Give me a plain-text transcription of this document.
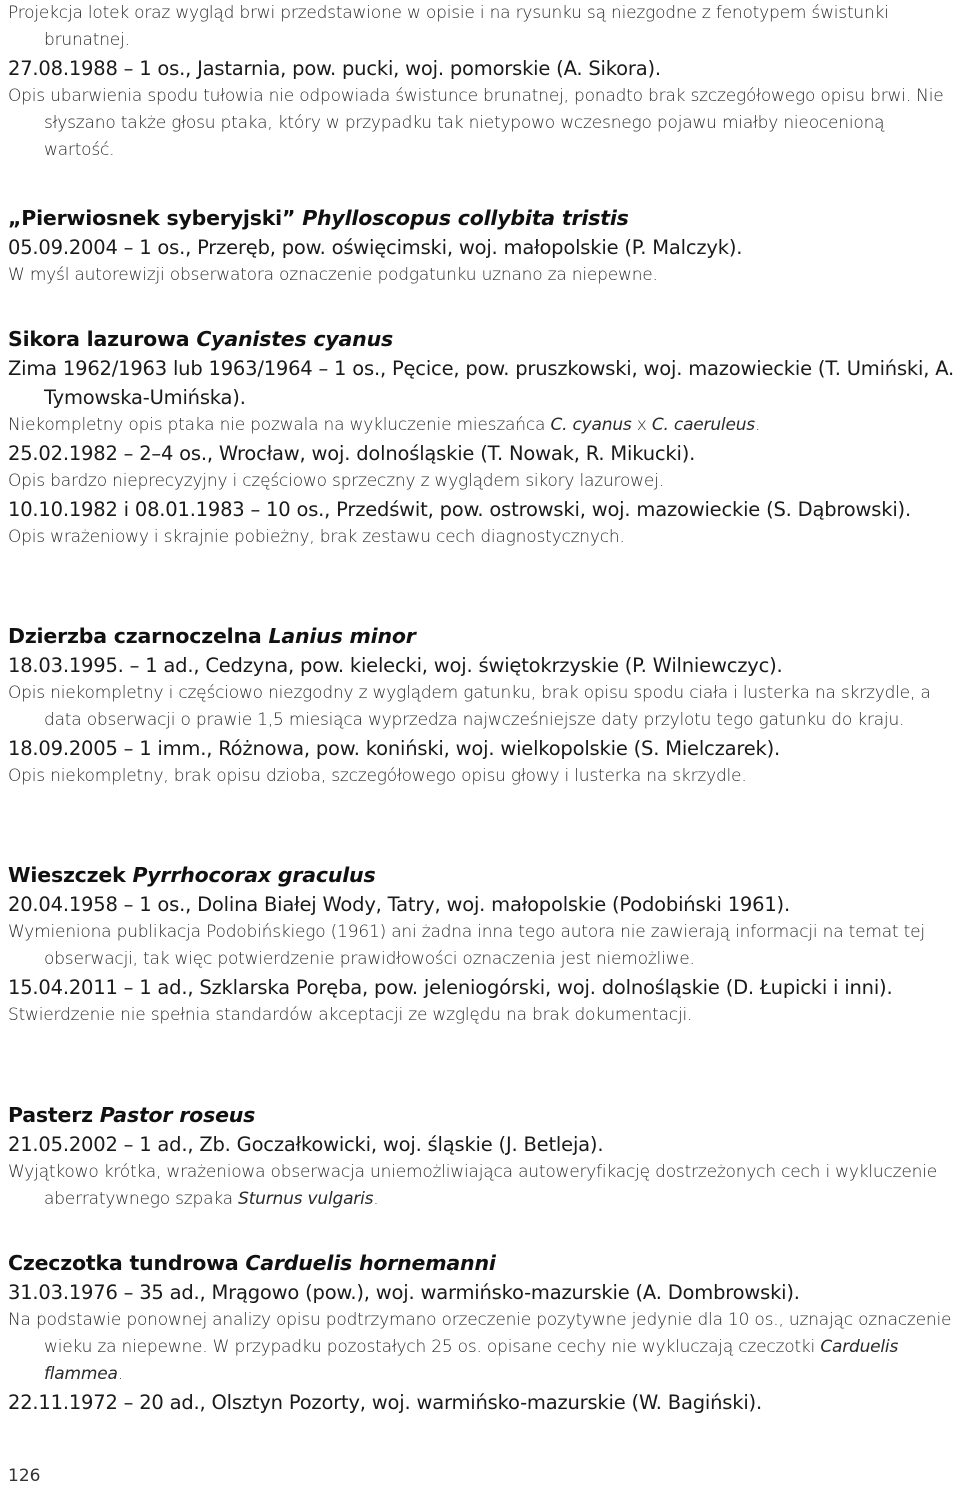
Projekcja lotek oraz wygląd brwi przedstawione w opisie i na rysunku są niezgodne z fenotypem świstunki brunatnej.

27.08.1988 – 1 os., Jastarnia, pow. pucki, woj. pomorskie (A. Sikora).

Opis ubarwienia spodu tułowia nie odpowiada świstunce brunatnej, ponadto brak szczegółowego opisu brwi. Nie słyszano także głosu ptaka, który w przypadku tak nietypowo wczesnego pojawu miałby nieocenioną wartość.

„Pierwiosnek syberyjski” Phylloscopus collybita tristis

05.09.2004 – 1 os., Przeręb, pow. oświęcimski, woj. małopolskie (P. Malczyk).

W myśl autorewizji obserwatora oznaczenie podgatunku uznano za niepewne.

Sikora lazurowa Cyanistes cyanus

Zima 1962/1963 lub 1963/1964 – 1 os., Pęcice, pow. pruszkowski, woj. mazowieckie (T. Umiński, A. Tymowska-Umińska).

Niekompletny opis ptaka nie pozwala na wykluczenie mieszańca C. cyanus x C. caeruleus.

25.02.1982 – 2–4 os., Wrocław, woj. dolnośląskie (T. Nowak, R. Mikucki).

Opis bardzo nieprecyzyjny i częściowo sprzeczny z wyglądem sikory lazurowej.

10.10.1982 i 08.01.1983 – 10 os., Przedświt, pow. ostrowski, woj. mazowieckie (S. Dąbrowski).

Opis wrażeniowy i skrajnie pobieżny, brak zestawu cech diagnostycznych.

Dzierzba czarnoczelna Lanius minor

18.03.1995. – 1 ad., Cedzyna, pow. kielecki, woj. świętokrzyskie (P. Wilniewczyc).

Opis niekompletny i częściowo niezgodny z wyglądem gatunku, brak opisu spodu ciała i lusterka na skrzydle, a data obserwacji o prawie 1,5 miesiąca wyprzedza najwcześniejsze daty przylotu tego gatunku do kraju.

18.09.2005 – 1 imm., Różnowa, pow. koniński, woj. wielkopolskie (S. Mielczarek).

Opis niekompletny, brak opisu dzioba, szczegółowego opisu głowy i lusterka na skrzydle.

Wieszczek Pyrrhocorax graculus

20.04.1958 – 1 os., Dolina Białej Wody, Tatry, woj. małopolskie (Podobiński 1961).

Wymieniona publikacja Podobińskiego (1961) ani żadna inna tego autora nie zawierają informacji na temat tej obserwacji, tak więc potwierdzenie prawidłowości oznaczenia jest niemożliwe.

15.04.2011 – 1 ad., Szklarska Poręba, pow. jeleniogórski, woj. dolnośląskie (D. Łupicki i inni).

Stwierdzenie nie spełnia standardów akceptacji ze względu na brak dokumentacji.

Pasterz Pastor roseus

21.05.2002 – 1 ad., Zb. Goczałkowicki, woj. śląskie (J. Betleja).

Wyjątkowo krótka, wrażeniowa obserwacja uniemożliwiająca autoweryfikację dostrzeżonych cech i wykluczenie aberratywnego szpaka Sturnus vulgaris.

Czeczotka tundrowa Carduelis hornemanni

31.03.1976 – 35 ad., Mrągowo (pow.), woj. warmińsko-mazurskie (A. Dombrowski).

Na podstawie ponownej analizy opisu podtrzymano orzeczenie pozytywne jedynie dla 10 os., uznając oznaczenie wieku za niepewne. W przypadku pozostałych 25 os. opisane cechy nie wykluczają czeczotki Carduelis flammea.

22.11.1972 – 20 ad., Olsztyn Pozorty, woj. warmińsko-mazurskie (W. Bagiński).

126
